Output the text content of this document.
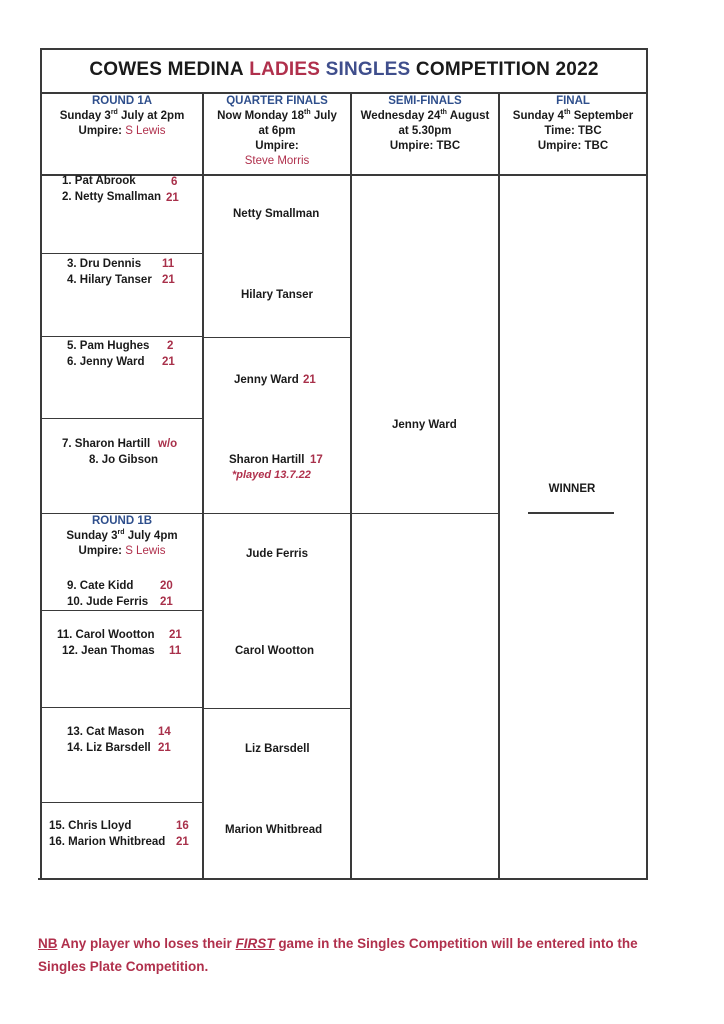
COWES MEDINA
LADIES
SINGLES
COMPETITION 2022
ROUND 1A
Sunday 3rd July at 2pm
Umpire: S Lewis
QUARTER FINALS
Now Monday 18th July
at 6pm
Umpire:
Steve Morris
SEMI-FINALS
Wednesday 24th August
at 5.30pm
Umpire: TBC
FINAL
Sunday 4th September
Time: TBC
Umpire: TBC
1. Pat Abrook	6
2. Netty Smallman 21
3. Dru Dennis 11
4. Hilary Tanser 21
5. Pam Hughes 2
6. Jenny Ward 21
7. Sharon Hartill w/o
8. Jo Gibson
ROUND 1B
Sunday 3rd July 4pm
Umpire: S Lewis
9. Cate Kidd 20
10. Jude Ferris 21
11. Carol Wootton 21
12. Jean Thomas 11
13. Cat Mason 14
14. Liz Barsdell 21
15. Chris Lloyd	16
16. Marion Whitbread 21
Netty Smallman
Hilary Tanser
Jenny Ward 21
Sharon Hartill 17
*played 13.7.22
Jude Ferris
Carol Wootton
Liz Barsdell
Marion Whitbread
Jenny Ward
WINNER
NB Any player who loses their FIRST game in the Singles Competition will be entered into the Singles Plate Competition.
